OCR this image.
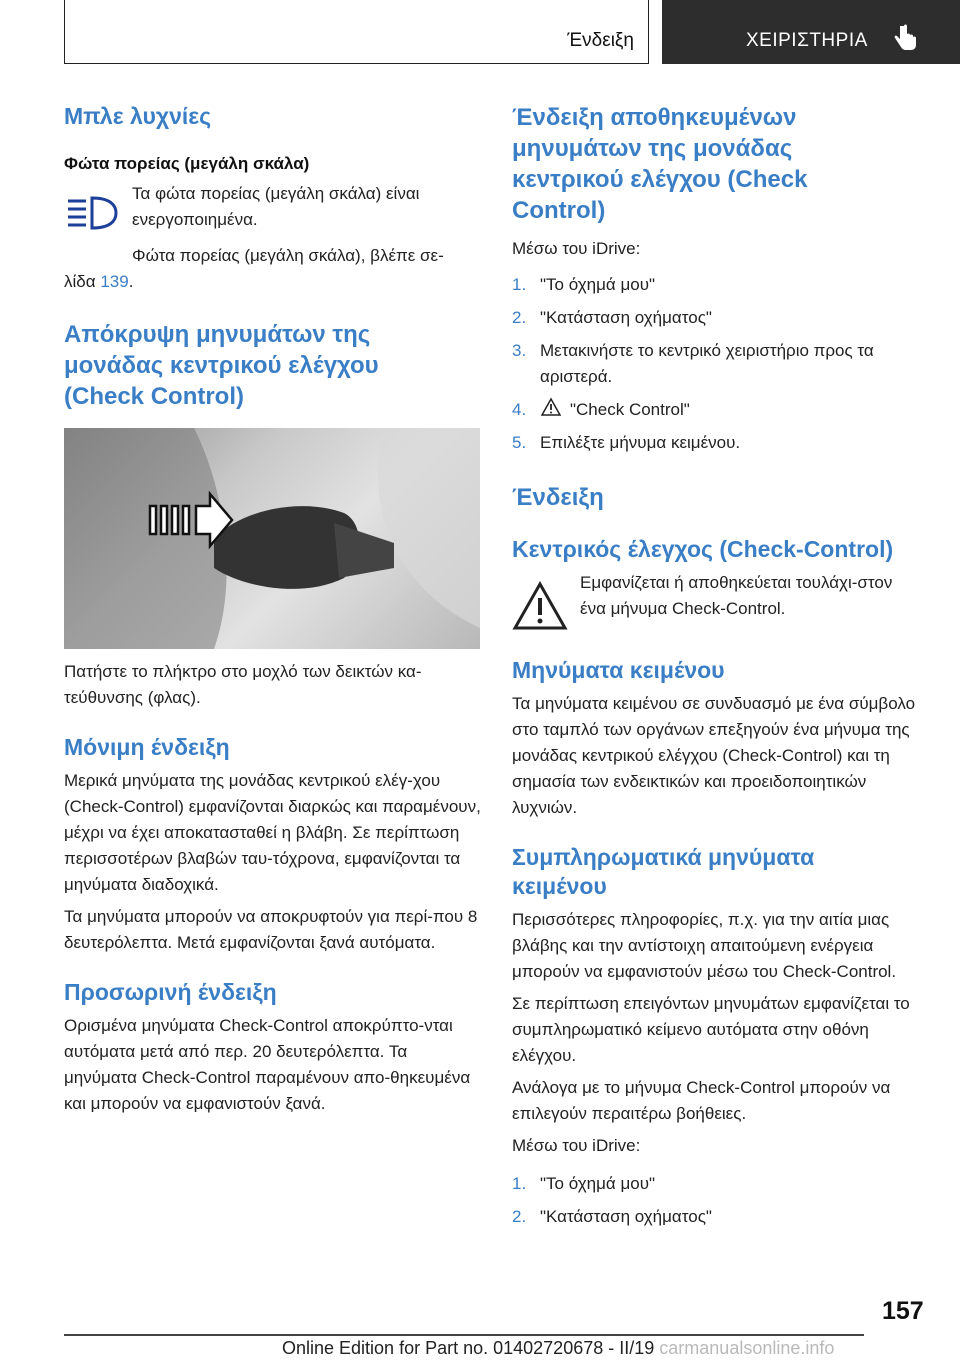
Ένδειξη	ΧΕΙΡΙΣΤΗΡΙΑ
Μπλε λυχνίες

Φώτα πορείας (μεγάλη σκάλα)

Τα φώτα πορείας (μεγάλη σκάλα) είναι ενεργοποιημένα.

Φώτα πορείας (μεγάλη σκάλα), βλέπε σε-

λίδα 139.

Απόκρυψη μηνυμάτων της μονάδας κεντρικού ελέγχου (Check Control)

Πατήστε το πλήκτρο στο μοχλό των δεικτών κα-τεύθυνσης (φλας).

Μόνιμη ένδειξη

Μερικά μηνύματα της μονάδας κεντρικού ελέγ-χου (Check-Control) εμφανίζονται διαρκώς και παραμένουν, μέχρι να έχει αποκατασταθεί η βλάβη. Σε περίπτωση περισσοτέρων βλαβών ταυ-τόχρονα, εμφανίζονται τα μηνύματα διαδοχικά.

Τα μηνύματα μπορούν να αποκρυφτούν για περί-που 8 δευτερόλεπτα. Μετά εμφανίζονται ξανά αυτόματα.

Προσωρινή ένδειξη

Ορισμένα μηνύματα Check-Control αποκρύπτο-νται αυτόματα μετά από περ. 20 δευτερόλεπτα. Τα μηνύματα Check-Control παραμένουν απο-θηκευμένα και μπορούν να εμφανιστούν ξανά.

Ένδειξη αποθηκευμένων μηνυμάτων της μονάδας κεντρικού ελέγχου (Check Control)

Μέσω του iDrive:

1. "Το όχημά μου"
2. "Κατάσταση οχήματος"
3. Μετακινήστε το κεντρικό χειριστήριο προς τα αριστερά.
4.	"Check Control"
5. Επιλέξτε μήνυμα κειμένου.
Ένδειξη
Κεντρικός έλεγχος (Check-Control)

Εμφανίζεται ή αποθηκεύεται τουλάχι-στον ένα μήνυμα Check-Control.

Μηνύματα κειμένου

Τα μηνύματα κειμένου σε συνδυασμό με ένα σύμβολο στο ταμπλό των οργάνων επεξηγούν ένα μήνυμα της μονάδας κεντρικού ελέγχου (Check-Control) και τη σημασία των ενδεικτικών και προειδοποιητικών λυχνιών.

Συμπληρωματικά μηνύματα κειμένου

Περισσότερες πληροφορίες, π.χ. για την αιτία μιας βλάβης και την αντίστοιχη απαιτούμενη ενέργεια μπορούν να εμφανιστούν μέσω του Check-Control.

Σε περίπτωση επειγόντων μηνυμάτων εμφανίζεται το συμπληρωματικό κείμενο αυτόματα στην οθόνη ελέγχου.

Ανάλογα με το μήνυμα Check-Control μπορούν να επιλεγούν περαιτέρω βοήθειες.

Μέσω του iDrive:

1. "Το όχημά μου"
2. "Κατάσταση οχήματος"
157
Online Edition for Part no. 01402720678 - II/19 carmanualsonline.info
